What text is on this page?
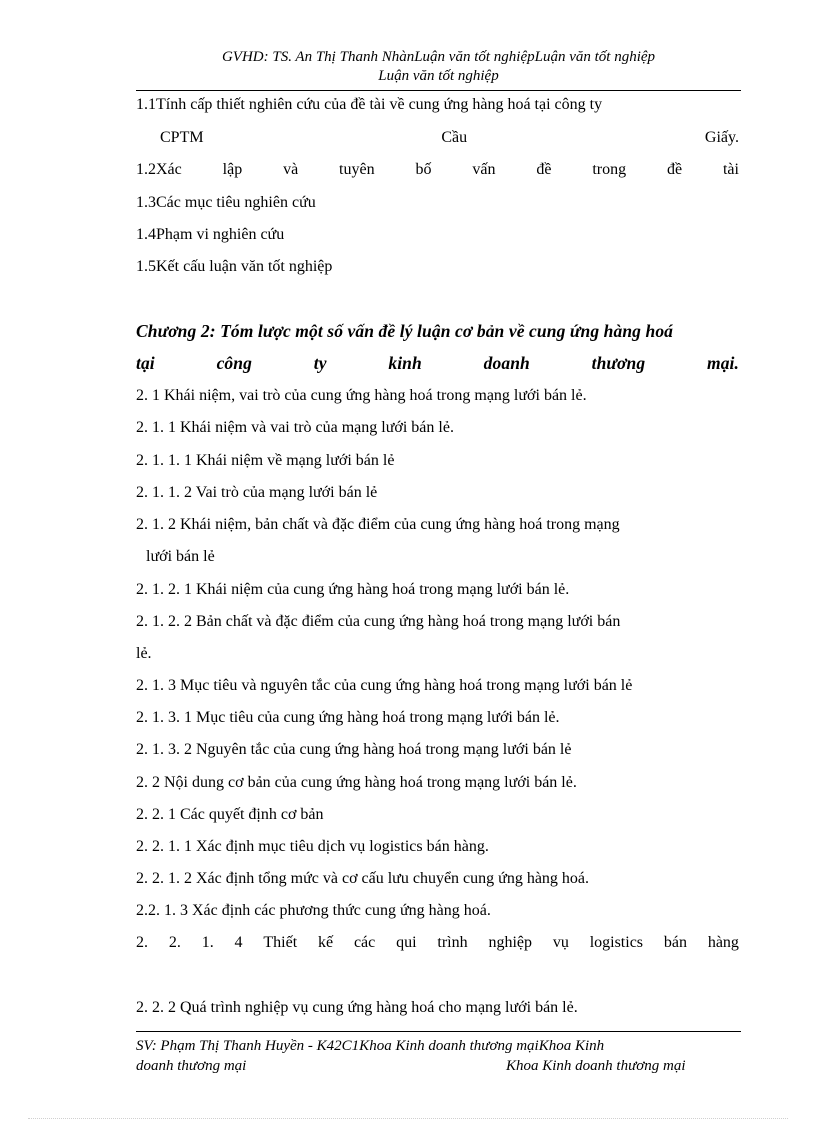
GVHD: TS. An Thị Thanh NhànLuận văn tốt nghiệpLuận văn tốt nghiệp
Luận văn tốt nghiệp
1.1Tính cấp thiết nghiên cứu của đề tài về cung ứng hàng hoá tại công ty
CPTM	Cầu	Giấy.
1.2Xác	lập	và	tuyên	bố	vấn	đề	trong	đề	tài
1.3Các mục tiêu nghiên cứu
1.4Phạm vi nghiên cứu
1.5Kết cấu luận văn tốt nghiệp
Chương 2: Tóm lược một số vấn đề lý luận cơ bản về cung ứng hàng hoá
tại	công	ty	kinh	doanh	thương	mại.
2. 1 Khái niệm, vai trò của cung ứng hàng hoá trong mạng lưới bán lẻ.
2. 1. 1 Khái niệm và vai trò của mạng lưới bán lẻ.
2. 1. 1. 1 Khái niệm về mạng lưới bán lẻ
2. 1. 1. 2 Vai trò của mạng lưới bán lẻ
2. 1. 2 Khái niệm, bản chất và đặc điểm của cung ứng hàng hoá trong mạng
lưới bán lẻ
2. 1. 2. 1 Khái niệm của cung ứng hàng hoá trong mạng lưới bán lẻ.
2. 1. 2. 2 Bản chất và đặc điểm của cung ứng hàng hoá trong mạng lưới bán
lẻ.
2. 1. 3 Mục tiêu và nguyên tắc của cung ứng hàng hoá trong mạng lưới bán lẻ
2. 1. 3. 1 Mục tiêu của cung ứng hàng hoá trong mạng lưới bán lẻ.
2. 1. 3. 2 Nguyên tắc của cung ứng hàng hoá trong mạng lưới bán lẻ
2. 2 Nội dung cơ bản của cung ứng hàng hoá trong mạng lưới bán lẻ.
2. 2. 1 Các quyết định cơ bản
2. 2. 1. 1 Xác định mục tiêu dịch vụ logistics bán hàng.
2. 2. 1. 2 Xác định tổng mức và cơ cấu lưu chuyển cung ứng hàng hoá.
2.2. 1. 3 Xác định các phương thức cung ứng hàng hoá.
2. 2. 1. 4 Thiết kế các qui trình nghiệp vụ logistics bán hàng
2. 2. 2 Quá trình nghiệp vụ cung ứng hàng hoá cho mạng lưới bán lẻ.
SV: Phạm Thị Thanh Huyền - K42C1Khoa Kinh doanh thương mạiKhoa Kinh
doanh thương mại	Khoa Kinh doanh thương mại
